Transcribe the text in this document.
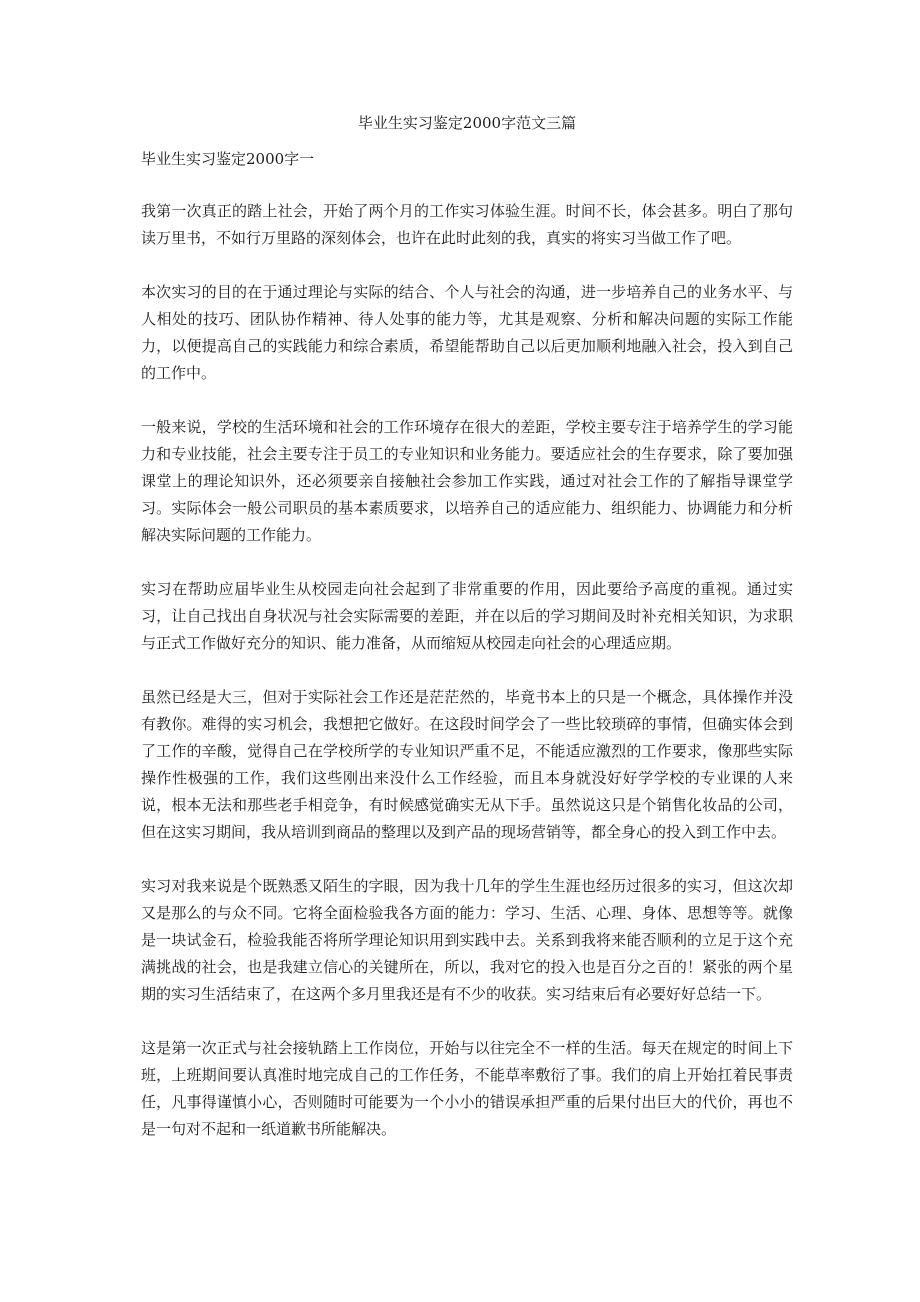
毕业生实习鉴定2000字范文三篇
毕业生实习鉴定2000字一

我第一次真正的踏上社会，开始了两个月的工作实习体验生涯。时间不长，体会甚多。明白了那句读万里书，不如行万里路的深刻体会，也许在此时此刻的我，真实的将实习当做工作了吧。

本次实习的目的在于通过理论与实际的结合、个人与社会的沟通，进一步培养自己的业务水平、与人相处的技巧、团队协作精神、待人处事的能力等，尤其是观察、分析和解决问题的实际工作能力，以便提高自己的实践能力和综合素质，希望能帮助自己以后更加顺利地融入社会，投入到自己的工作中。

一般来说，学校的生活环境和社会的工作环境存在很大的差距，学校主要专注于培养学生的学习能力和专业技能，社会主要专注于员工的专业知识和业务能力。要适应社会的生存要求，除了要加强课堂上的理论知识外，还必须要亲自接触社会参加工作实践，通过对社会工作的了解指导课堂学习。实际体会一般公司职员的基本素质要求，以培养自己的适应能力、组织能力、协调能力和分析解决实际问题的工作能力。

实习在帮助应届毕业生从校园走向社会起到了非常重要的作用，因此要给予高度的重视。通过实习，让自己找出自身状况与社会实际需要的差距，并在以后的学习期间及时补充相关知识，为求职与正式工作做好充分的知识、能力准备，从而缩短从校园走向社会的心理适应期。

虽然已经是大三，但对于实际社会工作还是茫茫然的，毕竟书本上的只是一个概念，具体操作并没有教你。难得的实习机会，我想把它做好。在这段时间学会了一些比较琐碎的事情，但确实体会到了工作的辛酸，觉得自己在学校所学的专业知识严重不足，不能适应激烈的工作要求，像那些实际操作性极强的工作，我们这些刚出来没什么工作经验，而且本身就没好好学学校的专业课的人来说，根本无法和那些老手相竞争，有时候感觉确实无从下手。虽然说这只是个销售化妆品的公司，但在这实习期间，我从培训到商品的整理以及到产品的现场营销等，都全身心的投入到工作中去。

实习对我来说是个既熟悉又陌生的字眼，因为我十几年的学生生涯也经历过很多的实习，但这次却又是那么的与众不同。它将全面检验我各方面的能力：学习、生活、心理、身体、思想等等。就像是一块试金石，检验我能否将所学理论知识用到实践中去。关系到我将来能否顺利的立足于这个充满挑战的社会，也是我建立信心的关键所在，所以，我对它的投入也是百分之百的！紧张的两个星期的实习生活结束了，在这两个多月里我还是有不少的收获。实习结束后有必要好好总结一下。

这是第一次正式与社会接轨踏上工作岗位，开始与以往完全不一样的生活。每天在规定的时间上下班，上班期间要认真准时地完成自己的工作任务，不能草率敷衍了事。我们的肩上开始扛着民事责任，凡事得谨慎小心，否则随时可能要为一个小小的错误承担严重的后果付出巨大的代价，再也不是一句对不起和一纸道歉书所能解决。
